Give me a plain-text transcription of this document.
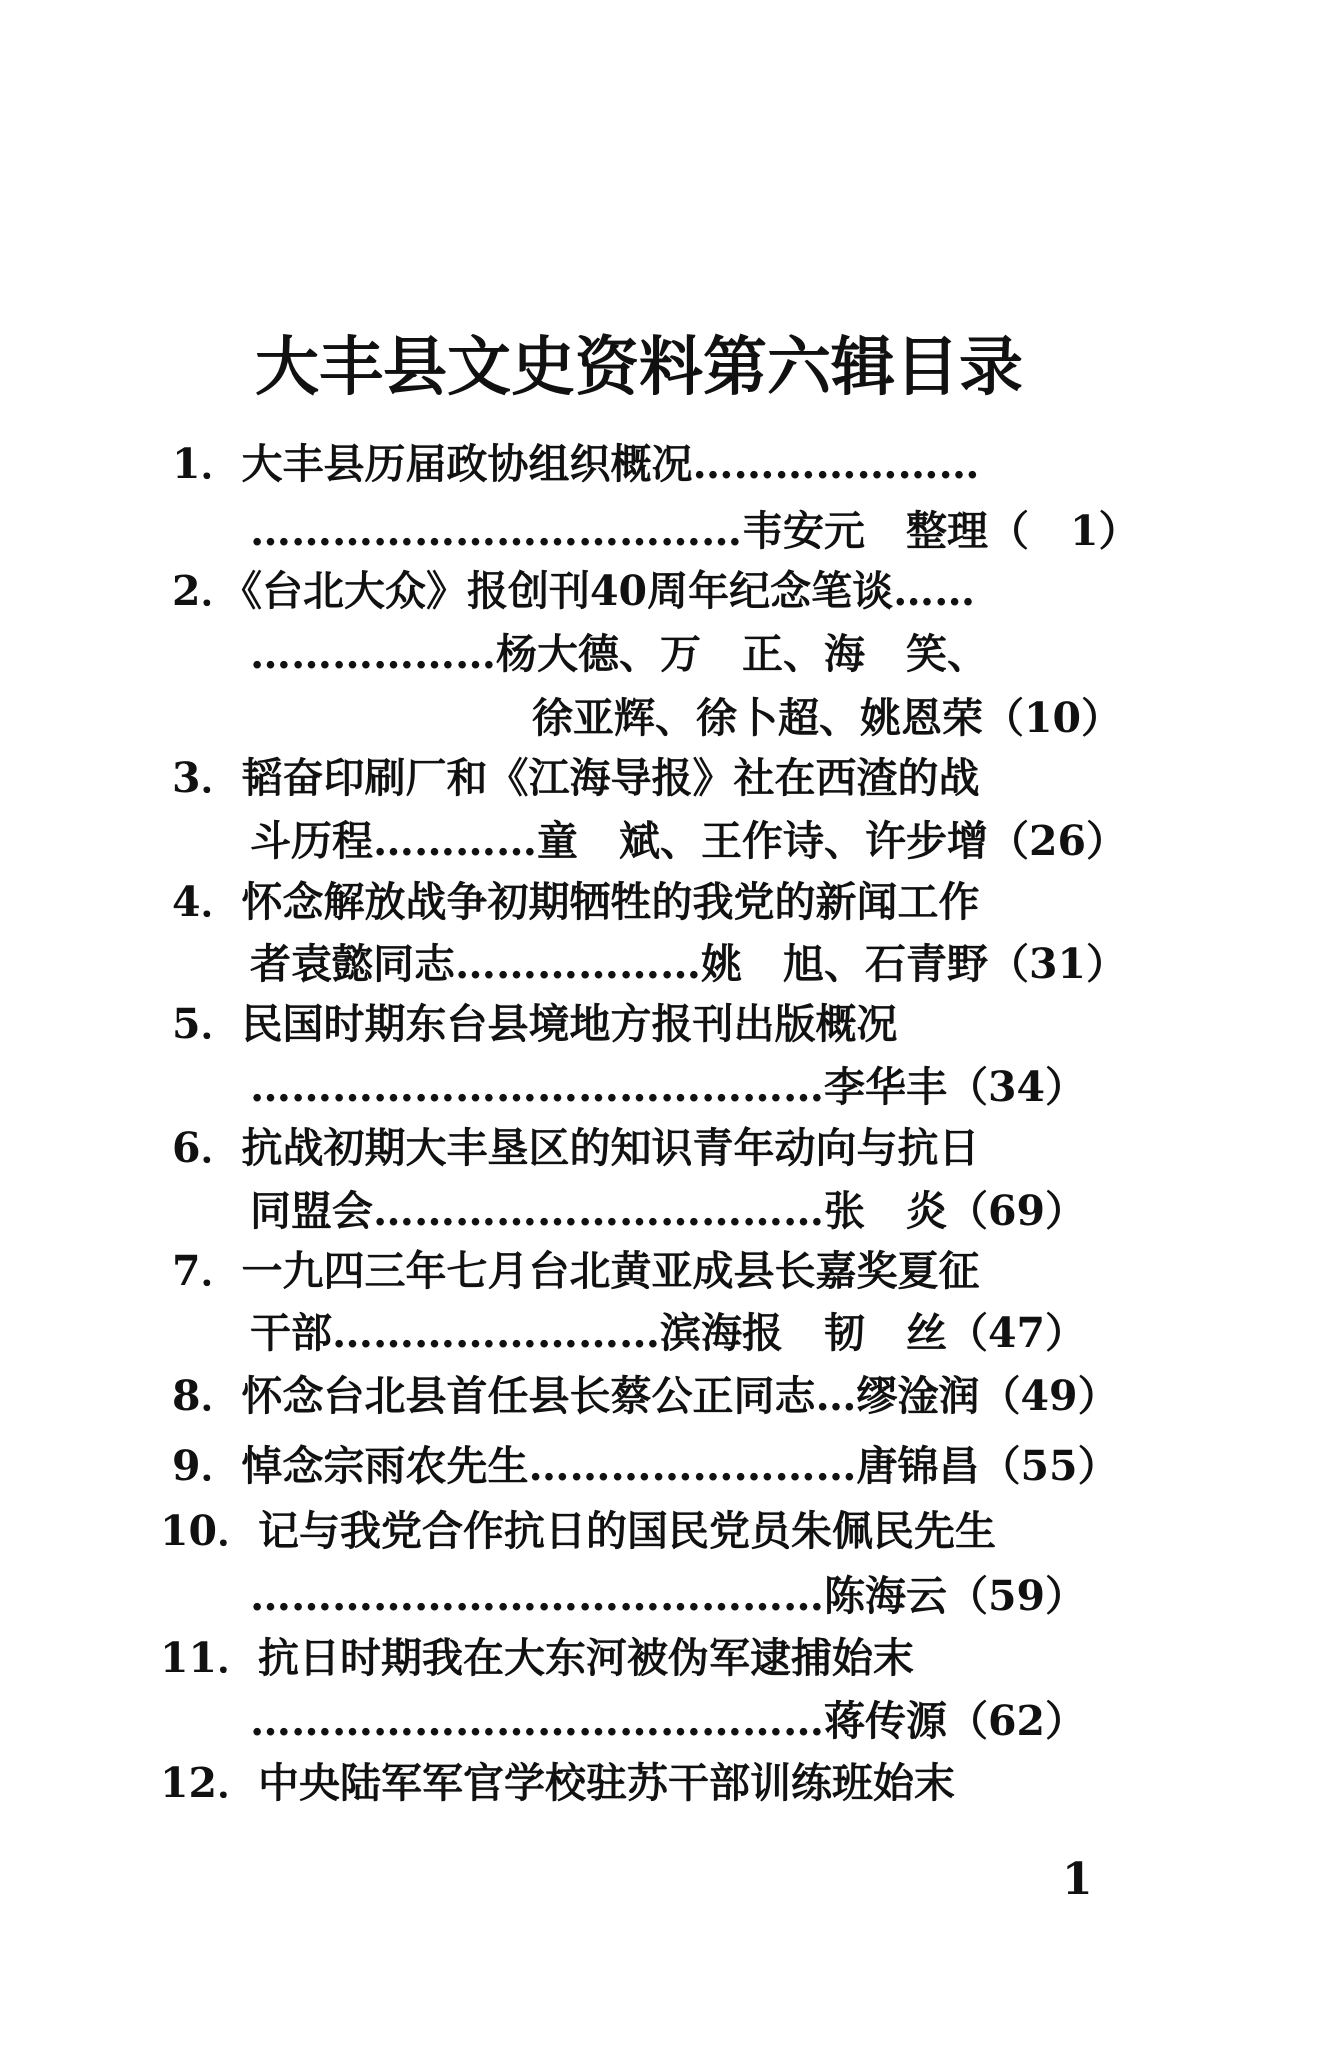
大丰县文史资料第六辑目录
1．大丰县历届政协组织概况…………………
………………………………韦安元　整理（　1）
2．《台北大众》报创刊40周年纪念笔谈……
………………杨大德、万　正、海　笑、
徐亚辉、徐卜超、姚恩荣（10）
3．韬奋印刷厂和《江海导报》社在西渣的战
斗历程…………童　斌、王作诗、许步增（26）
4．怀念解放战争初期牺牲的我党的新闻工作
者袁懿同志………………姚　旭、石青野（31）
5．民国时期东台县境地方报刊出版概况
……………………………………李华丰（34）
6．抗战初期大丰垦区的知识青年动向与抗日
同盟会……………………………张　炎（69）
7．一九四三年七月台北黄亚成县长嘉奖夏征
干部……………………滨海报　韧　丝（47）
8．怀念台北县首任县长蔡公正同志…缪淦润（49）
9．悼念宗雨农先生……………………唐锦昌（55）
10．记与我党合作抗日的国民党员朱佩民先生
……………………………………陈海云（59）
11．抗日时期我在大东河被伪军逮捕始末
……………………………………蒋传源（62）
12．中央陆军军官学校驻苏干部训练班始末
1
